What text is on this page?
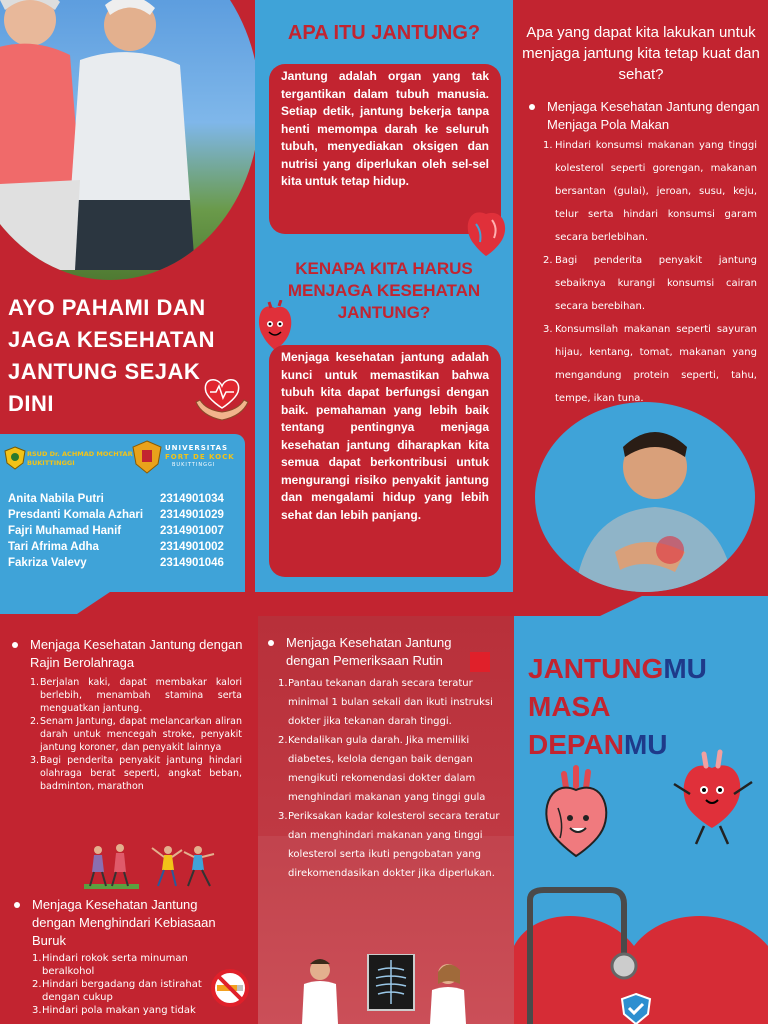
AYO PAHAMI DAN JAGA KESEHATAN JANTUNG SEJAK DINI
RSUD Dr. ACHMAD MOCHTAR BUKITTINGGI
UNIVERSITAS
FORT DE KOCK
BUKITTINGGI
Anita Nabila Putri	2314901034
Presdanti Komala Azhari 2314901029
Fajri Muhamad Hanif	2314901007
Tari Afrima Adha	2314901002
Fakriza Valevy	2314901046
APA ITU JANTUNG?
Jantung adalah organ yang tak tergantikan dalam tubuh manusia. Setiap detik, jantung bekerja tanpa henti memompa darah ke seluruh tubuh, menyediakan oksigen dan nutrisi yang diperlukan oleh sel-sel kita untuk tetap hidup.
KENAPA KITA HARUS MENJAGA KESEHATAN JANTUNG?
Menjaga kesehatan jantung adalah kunci untuk memastikan bahwa tubuh kita dapat berfungsi dengan baik. pemahaman yang lebih baik tentang pentingnya menjaga kesehatan jantung diharapkan kita semua dapat berkontribusi untuk mengurangi risiko penyakit jantung dan mengalami hidup yang lebih sehat dan lebih panjang.
Apa yang dapat kita lakukan untuk menjaga jantung kita tetap kuat dan sehat?
Menjaga Kesehatan Jantung dengan Menjaga Pola Makan
Hindari konsumsi makanan yang tinggi kolesterol seperti gorengan, makanan bersantan (gulai), jeroan, susu, keju, telur serta hindari konsumsi garam secara berlebihan.
Bagi penderita penyakit jantung sebaiknya kurangi konsumsi cairan secara berebihan.
Konsumsilah makanan seperti sayuran hijau, kentang, tomat, makanan yang mengandung protein seperti, tahu, tempe, ikan tuna.
Menjaga Kesehatan Jantung dengan Rajin Berolahraga
Berjalan kaki, dapat membakar kalori berlebih, menambah stamina serta menguatkan jantung.
Senam Jantung, dapat melancarkan aliran darah untuk mencegah stroke, penyakit jantung koroner, dan penyakit lainnya
Bagi penderita penyakit jantung hindari olahraga berat seperti, angkat beban, badminton, marathon
Menjaga Kesehatan Jantung dengan Menghindari Kebiasaan Buruk
Hindari rokok serta minuman beralkohol
Hindari bergadang dan istirahat dengan cukup
Hindari pola makan yang tidak
Menjaga Kesehatan Jantung dengan Pemeriksaan Rutin
Pantau tekanan darah secara teratur minimal 1 bulan sekali dan ikuti instruksi dokter jika tekanan darah tinggi.
Kendalikan gula darah. Jika memiliki diabetes, kelola dengan baik dengan mengikuti rekomendasi dokter dalam menghindari makanan yang tinggi gula
Periksakan kadar kolesterol secara teratur dan menghindari makanan yang tinggi kolesterol serta ikuti pengobatan yang direkomendasikan dokter jika diperlukan.
JANTUNGMU
MASA
DEPANMU
